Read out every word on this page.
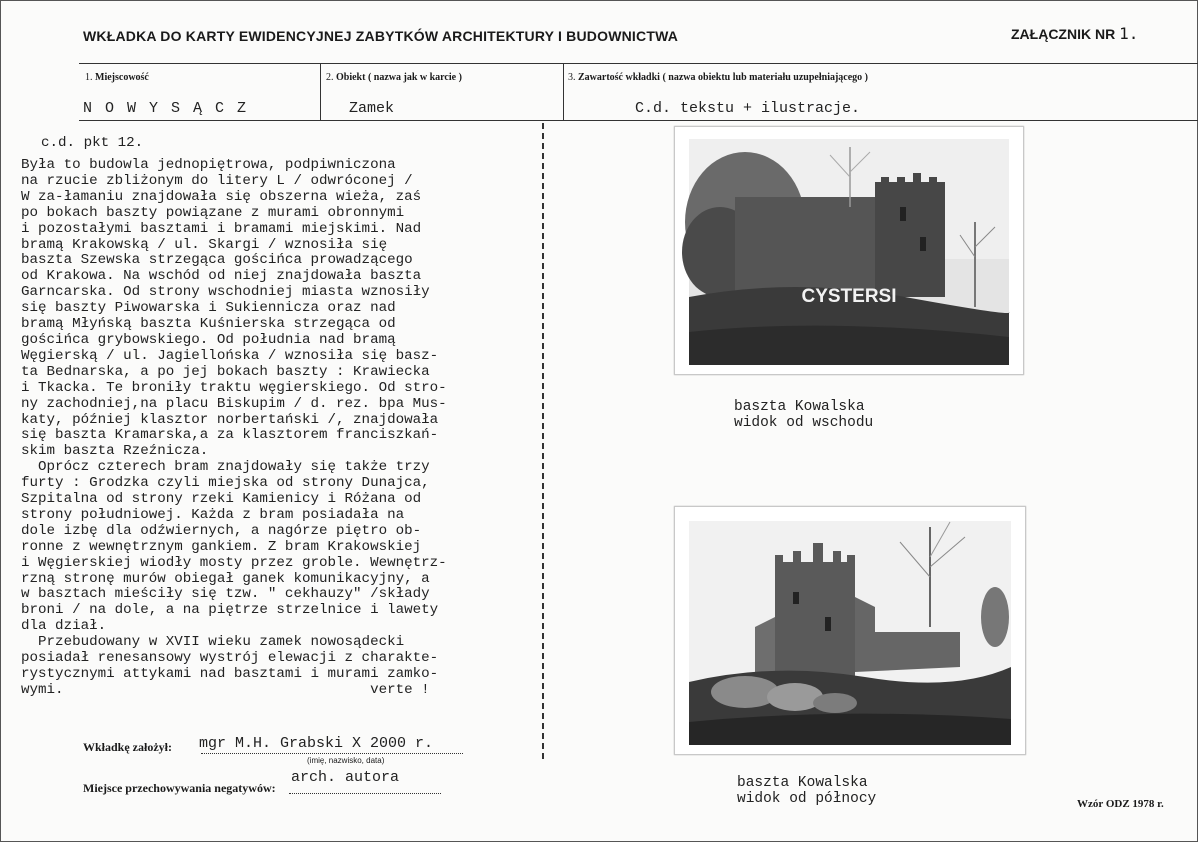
WKŁADKA DO KARTY EWIDENCYJNEJ ZABYTKÓW ARCHITEKTURY I BUDOWNICTWA	ZAŁĄCZNIK NR 1.
1. Miejscowość
N O W Y S Ą C Z
2. Obiekt ( nazwa jak w karcie )
Zamek
3. Zawartość wkładki ( nazwa obiektu lub materiału uzupełniającego )
C.d. tekstu + ilustracje.
c.d. pkt 12.
Była to budowla jednopiętrowa, podpiwniczona
na rzucie zbliżonym do litery L / odwróconej /
W za-łamaniu znajdowała się obszerna wieża, zaś
po bokach baszty powiązane z murami obronnymi
i pozostałymi basztami i bramami miejskimi. Nad
bramą Krakowską / ul. Skargi / wznosiła się
baszta Szewska strzegąca gościńca prowadzącego
od Krakowa. Na wschód od niej znajdowała baszta
Garncarska. Od strony wschodniej miasta wznosiły
się baszty Piwowarska i Sukiennicza oraz nad
bramą Młyńską baszta Kuśnierska strzegąca od
gościńca grybowskiego. Od południa nad bramą
Węgierską / ul. Jagiellońska / wznosiła się basz-
ta Bednarska, a po jej bokach baszty : Krawiecka
i Tkacka. Te broniły traktu węgierskiego. Od stro-
ny zachodniej,na placu Biskupim / d. rez. bpa Mus-
katy, później klasztor norbertański /, znajdowała
się baszta Kramarska,a za klasztorem franciszkań-
skim baszta Rzeźnicza.
Oprócz czterech bram znajdowały się także trzy
furty : Grodzka czyli miejska od strony Dunajca,
Szpitalna od strony rzeki Kamienicy i Różana od
strony południowej. Każda z bram posiadała na
dole izbę dla odźwiernych, a nagórze piętro ob-
ronne z wewnętrznym gankiem. Z bram Krakowskiej
i Węgierskiej wiodły mosty przez groble. Wewnętrz-
rzną stronę murów obiegał ganek komunikacyjny, a
w basztach mieściły się tzw. " cekhauzy" /składy
broni / na dole, a na piętrze strzelnice i lawety
dla dział.
Przebudowany w XVII wieku zamek nowosądecki
posiadał renesansowy wystrój elewacji z charakte-
rystycznymi attykami nad basztami i murami zamko-
wymi.                                    verte !
CYSTERSI
baszta Kowalska
widok od wschodu
baszta Kowalska
widok od północy
Wkładkę założył: mgr M.H. Grabski X 2000 r.
(imię, nazwisko, data)
Miejsce przechowywania negatywów:
arch. autora
Wzór ODZ 1978 r.
